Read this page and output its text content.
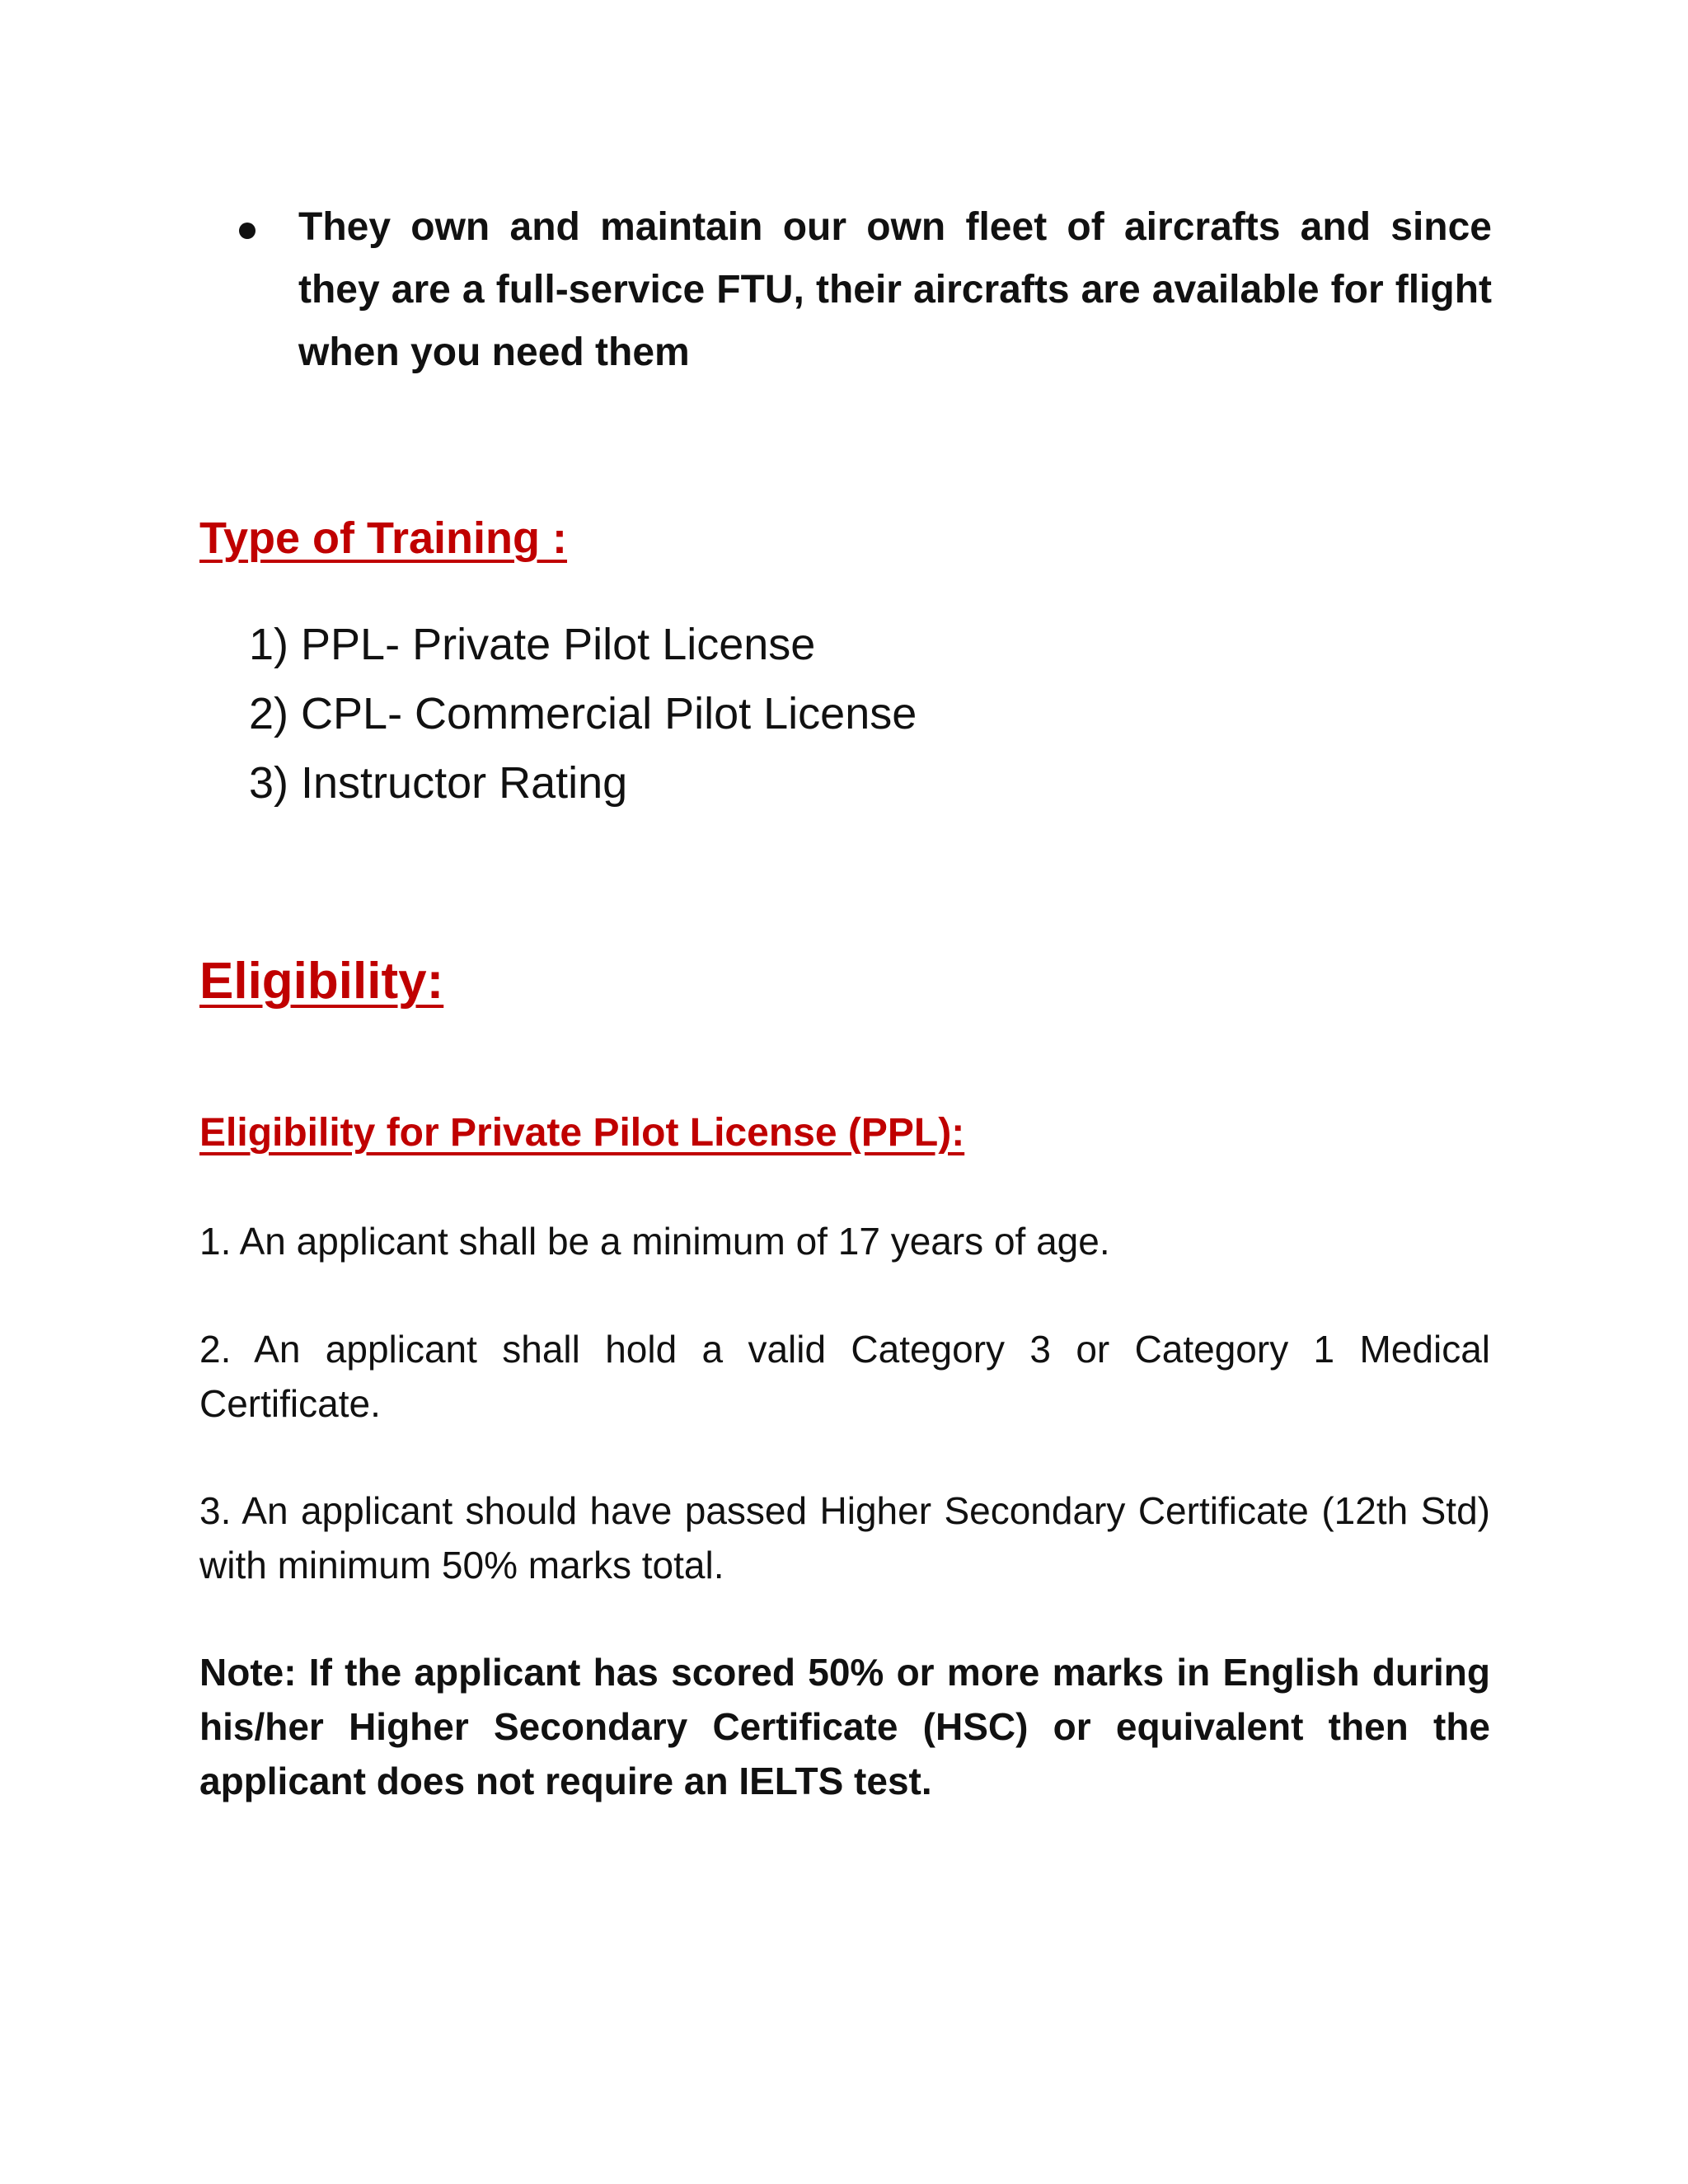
They own and maintain our own fleet of aircrafts and since they are a full-service FTU, their aircrafts are available for flight when you need them
Type of Training :
1) PPL- Private Pilot License
2) CPL- Commercial Pilot License
3) Instructor Rating
Eligibility:
Eligibility for Private Pilot License (PPL):

1. An applicant shall be a minimum of 17 years of age.

2. An applicant shall hold a valid Category 3 or Category 1 Medical Certificate.

3. An applicant should have passed Higher Secondary Certificate (12th Std) with minimum 50% marks total.

Note: If the applicant has scored 50% or more marks in English during his/her Higher Secondary Certificate (HSC) or equivalent then the applicant does not require an IELTS test.
